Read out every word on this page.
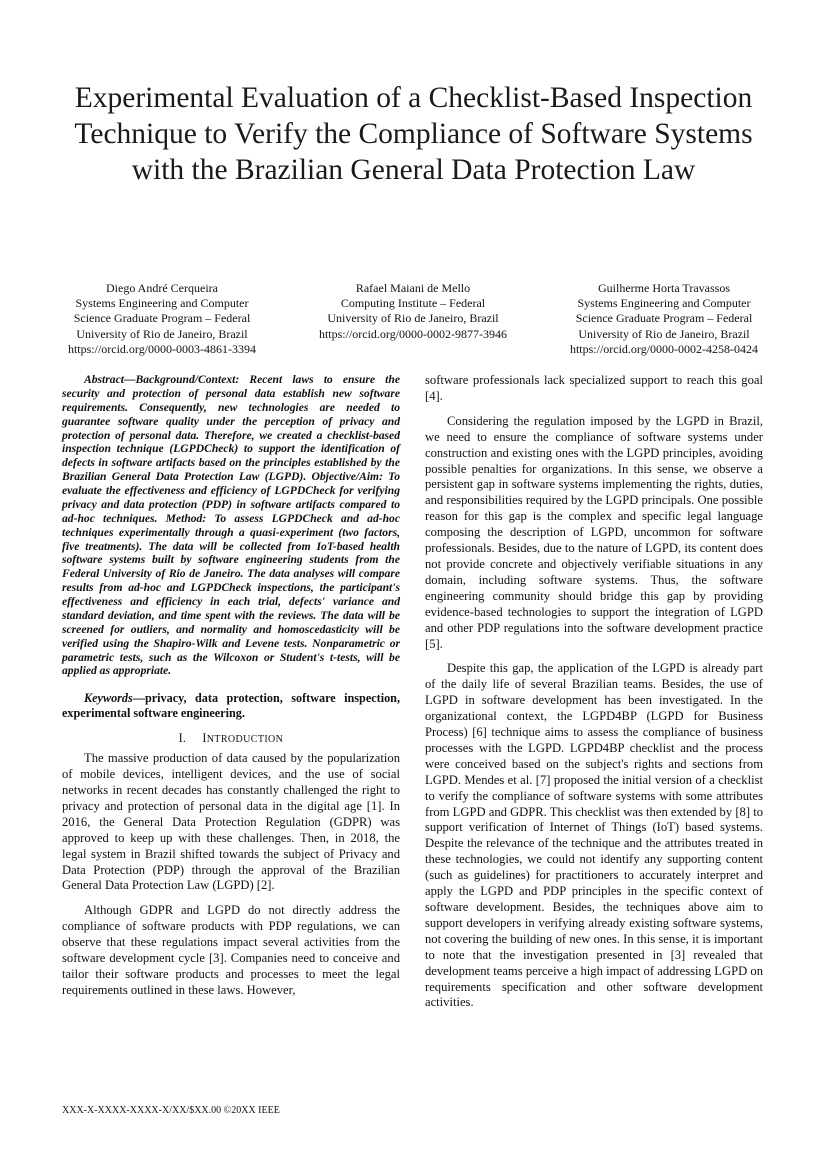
Experimental Evaluation of a Checklist-Based Inspection Technique to Verify the Compliance of Software Systems with the Brazilian General Data Protection Law
Diego André Cerqueira
Systems Engineering and Computer
Science Graduate Program – Federal
University of Rio de Janeiro, Brazil
https://orcid.org/0000-0003-4861-3394
Rafael Maiani de Mello
Computing Institute – Federal
University of Rio de Janeiro, Brazil
https://orcid.org/0000-0002-9877-3946
Guilherme Horta Travassos
Systems Engineering and Computer
Science Graduate Program – Federal
University of Rio de Janeiro, Brazil
https://orcid.org/0000-0002-4258-0424

Abstract—Background/Context: Recent laws to ensure the security and protection of personal data establish new software requirements. Consequently, new technologies are needed to guarantee software quality under the perception of privacy and protection of personal data. Therefore, we created a checklist-based inspection technique (LGPDCheck) to support the identification of defects in software artifacts based on the principles established by the Brazilian General Data Protection Law (LGPD). Objective/Aim: To evaluate the effectiveness and efficiency of LGPDCheck for verifying privacy and data protection (PDP) in software artifacts compared to ad-hoc techniques. Method: To assess LGPDCheck and ad-hoc techniques experimentally through a quasi-experiment (two factors, five treatments). The data will be collected from IoT-based health software systems built by software engineering students from the Federal University of Rio de Janeiro. The data analyses will compare results from ad-hoc and LGPDCheck inspections, the participant's effectiveness and efficiency in each trial, defects' variance and standard deviation, and time spent with the reviews. The data will be screened for outliers, and normality and homoscedasticity will be verified using the Shapiro-Wilk and Levene tests. Nonparametric or parametric tests, such as the Wilcoxon or Student's t-tests, will be applied as appropriate.

Keywords—privacy, data protection, software inspection, experimental software engineering.

I. INTRODUCTION

The massive production of data caused by the popularization of mobile devices, intelligent devices, and the use of social networks in recent decades has constantly challenged the right to privacy and protection of personal data in the digital age [1]. In 2016, the General Data Protection Regulation (GDPR) was approved to keep up with these challenges. Then, in 2018, the legal system in Brazil shifted towards the subject of Privacy and Data Protection (PDP) through the approval of the Brazilian General Data Protection Law (LGPD) [2].

Although GDPR and LGPD do not directly address the compliance of software products with PDP regulations, we can observe that these regulations impact several activities from the software development cycle [3]. Companies need to conceive and tailor their software products and processes to meet the legal requirements outlined in these laws. However,

software professionals lack specialized support to reach this goal [4].

Considering the regulation imposed by the LGPD in Brazil, we need to ensure the compliance of software systems under construction and existing ones with the LGPD principles, avoiding possible penalties for organizations. In this sense, we observe a persistent gap in software systems implementing the rights, duties, and responsibilities required by the LGPD principals. One possible reason for this gap is the complex and specific legal language composing the description of LGPD, uncommon for software professionals. Besides, due to the nature of LGPD, its content does not provide concrete and objectively verifiable situations in any domain, including software systems. Thus, the software engineering community should bridge this gap by providing evidence-based technologies to support the integration of LGPD and other PDP regulations into the software development practice [5].

Despite this gap, the application of the LGPD is already part of the daily life of several Brazilian teams. Besides, the use of LGPD in software development has been investigated. In the organizational context, the LGPD4BP (LGPD for Business Process) [6] technique aims to assess the compliance of business processes with the LGPD. LGPD4BP checklist and the process were conceived based on the subject's rights and sections from LGPD. Mendes et al. [7] proposed the initial version of a checklist to verify the compliance of software systems with some attributes from LGPD and GDPR. This checklist was then extended by [8] to support verification of Internet of Things (IoT) based systems. Despite the relevance of the technique and the attributes treated in these technologies, we could not identify any supporting content (such as guidelines) for practitioners to accurately interpret and apply the LGPD and PDP principles in the specific context of software development. Besides, the techniques above aim to support developers in verifying already existing software systems, not covering the building of new ones. In this sense, it is important to note that the investigation presented in [3] revealed that development teams perceive a high impact of addressing LGPD on requirements specification and other software development activities.

XXX-X-XXXX-XXXX-X/XX/$XX.00 ©20XX IEEE
